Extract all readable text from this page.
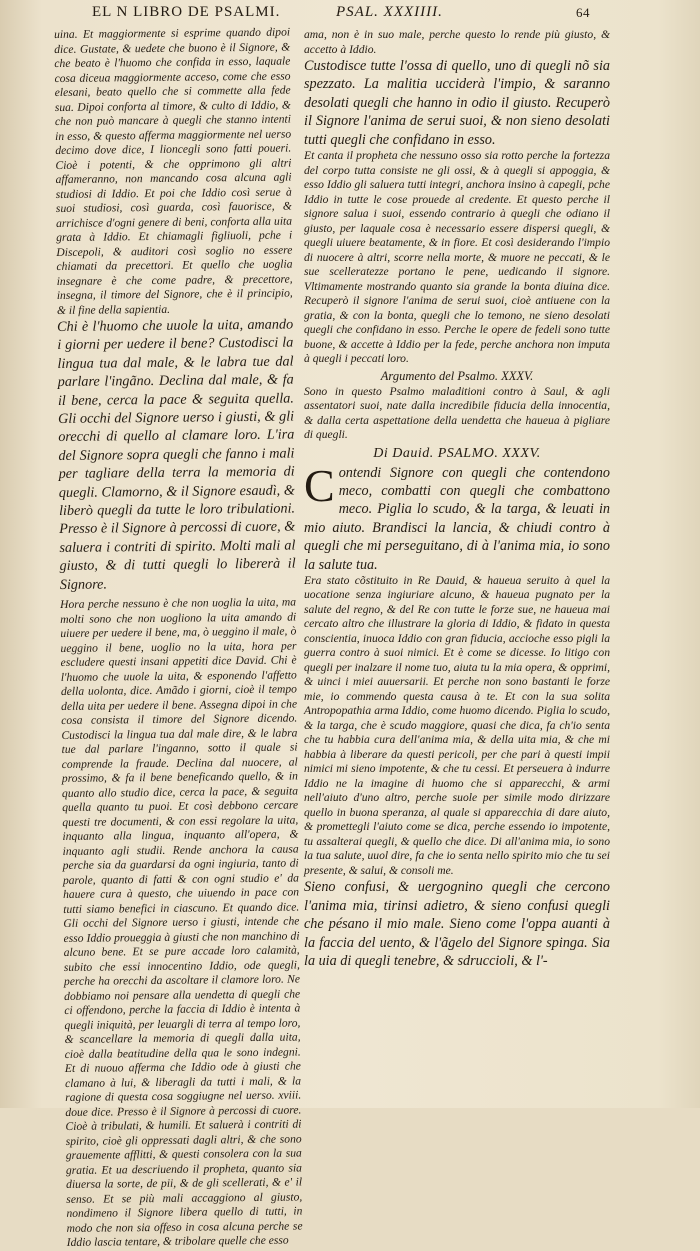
EL N LIBRO DE PSALMI.	PSAL. XXXIIII.	64

uina. Et maggiormente si esprime quando dipoi dice. Gustate, & uedete che buono è il Signore, & che beato è l'huomo che confida in esso, laquale cosa diceua maggiormente acceso, come che esso elesani, beato quello che si commette alla fede sua. Dipoi conforta al timore, & culto di Iddio, & che non può mancare à quegli che stanno intenti in esso, & questo afferma maggiormente nel uerso decimo dove dice, I lioncegli sono fatti poueri. Cioè i potenti, & che opprimono gli altri affameranno, non mancando cosa alcuna agli studiosi di Iddio. Et poi che Iddio così serue à suoi studiosi, così guarda, così fauorisce, & arrichisce d'ogni genere di beni, conforta alla uita grata à Iddio. Et chiamagli figliuoli, pche i Discepoli, & auditori così soglio no essere chiamati da precettori. Et quello che uoglia insegnare è che come padre, & precettore, insegna, il timore del Signore, che è il principio, & il fine della sapientia.

Chi è l'huomo che uuole la uita, amando i giorni per uedere il bene? Custodisci la lingua tua dal male, & le labra tue dal parlare l'ingãno. Declina dal male, & fa il bene, cerca la pace & seguita quella. Gli occhi del Signore uerso i giusti, & gli orecchi di quello al clamare loro. L'ira del Signore sopra quegli che fanno i mali per tagliare della terra la memoria di quegli. Clamorno, & il Signore esaudì, & liberò quegli da tutte le loro tribulationi. Presso è il Signore à percossi di cuore, & saluera i contriti di spirito. Molti mali al giusto, & di tutti quegli lo libererà il Signore.

Hora perche nessuno è che non uoglia la uita, ma molti sono che non uogliono la uita amando di uiuere per uedere il bene, ma, ò ueggino il male, ò ueggino il bene, uoglio no la uita, hora per escludere questi insani appetiti dice David. Chi è l'huomo che uuole la uita, & esponendo l'affetto della uolonta, dice. Amãdo i giorni, cioè il tempo della uita per uedere il bene. Assegna dipoi in che cosa consista il timore del Signore dicendo. Custodisci la lingua tua dal male dire, & le labra tue dal parlare l'inganno, sotto il quale si comprende la fraude. Declina dal nuocere, al prossimo, & fa il bene beneficando quello, & in quanto allo studio dice, cerca la pace, & seguita quella quanto tu puoi. Et così debbono cercare questi tre documenti, & con essi regolare la uita, inquanto alla lingua, inquanto all'opera, & inquanto agli studii. Rende anchora la causa perche sia da guardarsi da ogni ingiuria, tanto di parole, quanto di fatti & con ogni studio e' da hauere cura à questo, che uiuendo in pace con tutti siamo benefici in ciascuno. Et quando dice. Gli occhi del Signore uerso i giusti, intende che esso Iddio proueggia à giusti che non manchino di alcuno bene. Et se pure accade loro calamità, subito che essi innocentino Iddio, ode quegli, perche ha orecchi da ascoltare il clamore loro. Ne dobbiamo noi pensare alla uendetta di quegli che ci offendono, perche la faccia di Iddio è intenta à quegli iniquità, per leuargli di terra al tempo loro, & scancellare la memoria di quegli dalla uita, cioè dalla beatitudine della qua le sono indegni. Et di nuouo afferma che Iddio ode à giusti che clamano à lui, & liberagli da tutti i mali, & la ragione di questa cosa soggiugne nel uerso. xviii. doue dice. Presso è il Signore à percossi di cuore. Cioè à tribulati, & humili. Et saluerà i contriti di spirito, cioè gli oppressati dagli altri, & che sono grauemente afflitti, & questi consolera con la sua gratia. Et ua descriuendo il propheta, quanto sia diuersa la sorte, de pii, & de gli scellerati, & e' il senso. Et se più mali accaggiono al giusto, nondimeno il Signore libera quello di tutti, in modo che non sia offeso in cosa alcuna perche se Iddio lascia tentare, & tribolare quelle che esso

ama, non è in suo male, perche questo lo rende più giusto, & accetto à Iddio.

Custodisce tutte l'ossa di quello, uno di quegli nõ sia spezzato. La malitia ucciderà l'impio, & saranno desolati quegli che hanno in odio il giusto. Recuperò il Signore l'anima de serui suoi, & non sieno desolati tutti quegli che confidano in esso.

Et canta il propheta che nessuno osso sia rotto perche la fortezza del corpo tutta consiste ne gli ossi, & à quegli si appoggia, & esso Iddio gli saluera tutti integri, anchora insino à capegli, pche Iddio in tutte le cose prouede al credente. Et questo perche il signore salua i suoi, essendo contrario à quegli che odiano il giusto, per laquale cosa è necessario essere dispersi quegli, & quegli uiuere beatamente, & in fiore. Et così desiderando l'impio di nuocere à altri, scorre nella morte, & muore ne peccati, & le sue scelleratezze portano le pene, uedicando il signore. Vltimamente mostrando quanto sia grande la bonta diuina dice. Recuperò il signore l'anima de serui suoi, cioè antiuene con la gratia, & con la bonta, quegli che lo temono, ne sieno desolati quegli che confidano in esso. Perche le opere de fedeli sono tutte buone, & accette à Iddio per la fede, perche anchora non imputa à quegli i peccati loro.

Argumento del Psalmo. XXXV.

Sono in questo Psalmo maladitioni contro à Saul, & agli assentatori suoi, nate dalla incredibile fiducia della innocentia, & dalla certa aspettatione della uendetta che haueua à pigliare di quegli.

Di Dauid. PSALMO. XXXV.

Contendi Signore con quegli che contendono meco, combatti con quegli che combattono meco. Piglia lo scudo, & la targa, & leuati in mio aiuto. Brandisci la lancia, & chiudi contro à quegli che mi perseguitano, di à l'anima mia, io sono la salute tua.

Era stato cõstituito in Re Dauid, & haueua seruito à quel la uocatione senza ingiuriare alcuno, & haueua pugnato per la salute del regno, & del Re con tutte le forze sue, ne haueua mai cercato altro che illustrare la gloria di Iddio, & fidato in questa conscientia, inuoca Iddio con gran fiducia, accioche esso pigli la guerra contro à suoi nimici. Et è come se dicesse. Io litigo con quegli per inalzare il nome tuo, aiuta tu la mia opera, & opprimi, & uinci i miei auuersarii. Et perche non sono bastanti le forze mie, io commendo questa causa à te. Et con la sua solita Antropopathia arma Iddio, come huomo dicendo. Piglia lo scudo, & la targa, che è scudo maggiore, quasi che dica, fa ch'io senta che tu habbia cura dell'anima mia, & della uita mia, & che mi habbia à liberare da questi pericoli, per che pari à questi impii nimici mi sieno impotente, & che tu cessi. Et perseuera à indurre Iddio ne la imagine di huomo che si apparecchi, & armi nell'aiuto d'uno altro, perche suole per simile modo dirizzare quello in buona speranza, al quale si apparecchia di dare aiuto, & promettegli l'aiuto come se dica, perche essendo io impotente, tu assalterai quegli, & quello che dice. Di all'anima mia, io sono la tua salute, uuol dire, fa che io senta nello spirito mio che tu sei presente, & salui, & consoli me.

Sieno confusi, & uergognino quegli che cercono l'anima mia, tirinsi adietro, & sieno confusi quegli che pésano il mio male. Sieno come l'oppa auanti à la faccia del uento, & l'ãgelo del Signore spinga. Sia la uia di quegli tenebre, & sdruccioli, & l'-
